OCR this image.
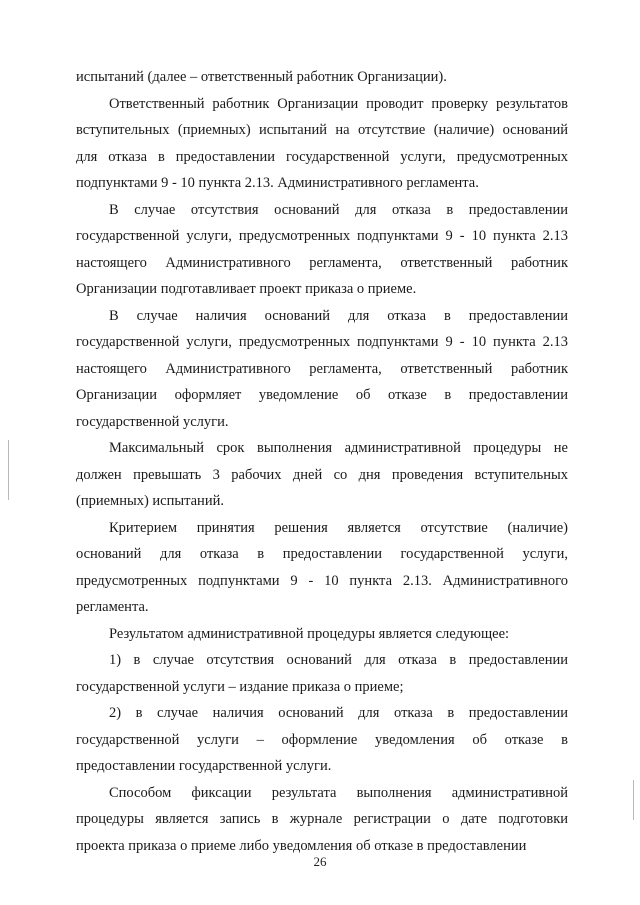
испытаний (далее – ответственный работник Организации).
Ответственный работник Организации проводит проверку результатов
вступительных (приемных) испытаний на отсутствие (наличие) оснований
для отказа в предоставлении государственной услуги, предусмотренных
подпунктами 9 - 10 пункта 2.13. Административного регламента.
В случае отсутствия оснований для отказа в предоставлении
государственной услуги, предусмотренных подпунктами 9 - 10 пункта 2.13
настоящего Административного регламента, ответственный работник
Организации подготавливает проект приказа о приеме.
В случае наличия оснований для отказа в предоставлении
государственной услуги, предусмотренных подпунктами 9 - 10 пункта 2.13
настоящего Административного регламента, ответственный работник
Организации оформляет уведомление об отказе в предоставлении
государственной услуги.
Максимальный срок выполнения административной процедуры не
должен превышать 3 рабочих дней со дня проведения вступительных
(приемных) испытаний.
Критерием принятия решения является отсутствие (наличие)
оснований для отказа в предоставлении государственной услуги,
предусмотренных подпунктами 9 - 10 пункта 2.13. Административного
регламента.
Результатом административной процедуры является следующее:
1) в случае отсутствия оснований для отказа в предоставлении
государственной услуги – издание приказа о приеме;
2) в случае наличия оснований для отказа в предоставлении
государственной услуги – оформление уведомления об отказе в
предоставлении государственной услуги.
Способом фиксации результата выполнения административной
процедуры является запись в журнале регистрации о дате подготовки
проекта приказа о приеме либо уведомления об отказе в предоставлении
26
